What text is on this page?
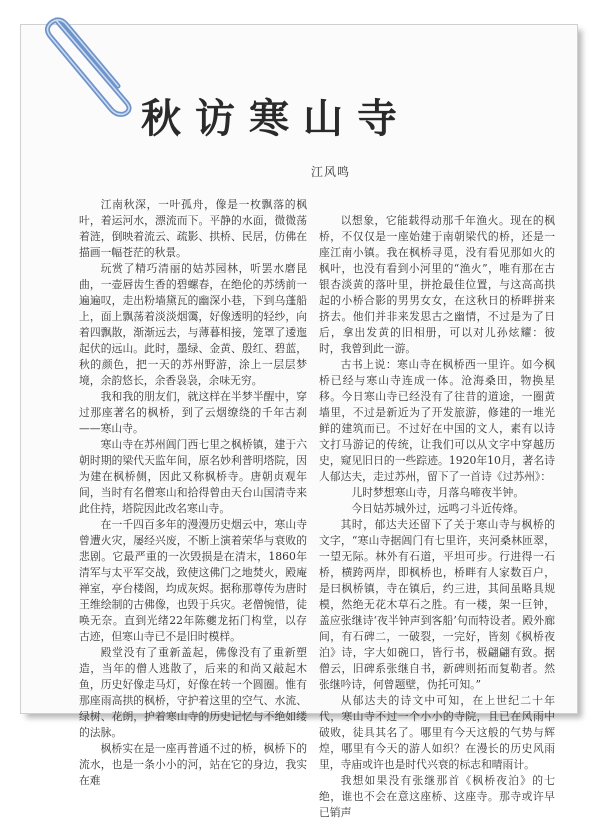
秋访寒山寺
江风鸣

江南秋深，一叶孤舟，像是一枚飘落的枫叶，着运河水，漂流而下。平静的水面，微微荡着涟，倒映着流云、疏影、拱桥、民居，仿佛在描画一幅苍茫的秋景。

玩赏了精巧清丽的姑苏园林，听罢水磨昆曲，一壶唇齿生香的碧螺春，在绝伦的苏绣前一遍遍叹，走出粉墙黛瓦的幽深小巷，下到乌蓬船上，面上飘荡着淡淡烟霭，好像透明的轻纱，向着四飘散，渐渐远去，与薄暮相接，笼罩了逶迤起伏的远山。此时，墨绿、金黄、殷红、碧蓝，秋的颜色，把一天的苏州野游，涂上一层层梦境，余韵悠长，余香袅袅，余味无穷。

我和我的朋友们，就这样在半梦半醒中，穿过那座著名的枫桥，到了云烟缭绕的千年古刹——寒山寺。

寒山寺在苏州阊门西七里之枫桥镇，建于六朝时期的梁代天监年间，原名妙利普明塔院，因为建在枫桥侧，因此又称枫桥寺。唐朝贞观年间，当时有名僧寒山和拾得曾由天台山国清寺来此住持，塔院因此改名寒山寺。

在一千四百多年的漫漫历史烟云中，寒山寺曾遭火灾，屡经兴废，不断上演着荣华与衰败的悲剧。它最严重的一次毁损是在清末，1860年清军与太平军交战，致使这佛门之地焚火，殿庵禅室，亭台楼阁，均成灰烬。据称那尊传为唐时王维绘制的古佛像，也毁于兵灾。老僧惋惜，徒唤无奈。直到光绪22年陈夔龙拓门构堂，以存古迹，但寒山寺已不是旧时模样。

殿堂没有了重新盖起，佛像没有了重新塑造，当年的僧人逃散了，后来的和尚又敲起木鱼，历史好像走马灯，好像在转一个圆圈。惟有那座雨高拱的枫桥，守护着这里的空气、水流、绿树、花朗，护着寒山寺的历史记忆与不绝如缕的法脉。

枫桥实在是一座再普通不过的桥，枫桥下的流水，也是一条小小的河，站在它的身边，我实在难

以想象，它能载得动那千年渔火。现在的枫桥，不仅仅是一座始建于南朝梁代的桥，还是一座江南小镇。我在枫桥寻觅，没有看见那如火的枫叶，也没有看到小河里的“渔火”，唯有那在古银杏淡黄的落叶里，拼抢最佳位置，与这高高拱起的小桥合影的男男女女，在这秋日的桥畔拼来挤去。他们并非来发思古之幽情，不过是为了日后，拿出发黄的旧相册，可以对儿孙炫耀：彼时，我曾到此一游。

古书上说：寒山寺在枫桥西一里许。如今枫桥已经与寒山寺连成一体。沧海桑田，物换星移。今日寒山寺已经没有了往昔的道途，一圈黄墙里，不过是新近为了开发旅游，修建的一堆光鲜的建筑而已。不过好在中国的文人，素有以诗文打马游记的传统，让我们可以从文字中穿越历史，窥见旧日的一些踪迹。1920年10月，著名诗人郁达夫，走过苏州，留下了一首诗《过苏州》：

儿时梦想寒山寺，月落乌啼夜半钟。

今日姑苏城外过，远鸣刁斗近传烽。

其时，郁达夫还留下了关于寒山寺与枫桥的文字，“寒山寺据阊门有七里许，夹河桑林匝翠，一望无际。林外有石道，平坦可步。行进得一石桥，横跨两岸，即枫桥也，桥畔有人家数百户，是曰枫桥镇，寺在镇后，约三进，其间虽略具规模，然绝无花木草石之胜。有一楼，架一巨钟，盖应张继诗‘夜半钟声到客船’句而特设者。殿外廊间，有石碑二，一破裂，一完好，皆刻《枫桥夜泊》诗，字大如碗口，皆行书，极翩翩有致。据僧云，旧碑系张继自书，新碑则拓而复勒者。然张继吟诗，何曾题壁，伪托可知。”

从郁达夫的诗文中可知，在上世纪二十年代，寒山寺不过一个小小的寺院，且已在风雨中破败，徒具其名了。哪里有今天这般的气势与辉煌，哪里有今天的游人如织？在漫长的历史风雨里，寺庙或许也是时代兴衰的标志和晴雨计。

我想如果没有张继那首《枫桥夜泊》的七绝，谁也不会在意这座桥、这座寺。那寺或许早已销声
